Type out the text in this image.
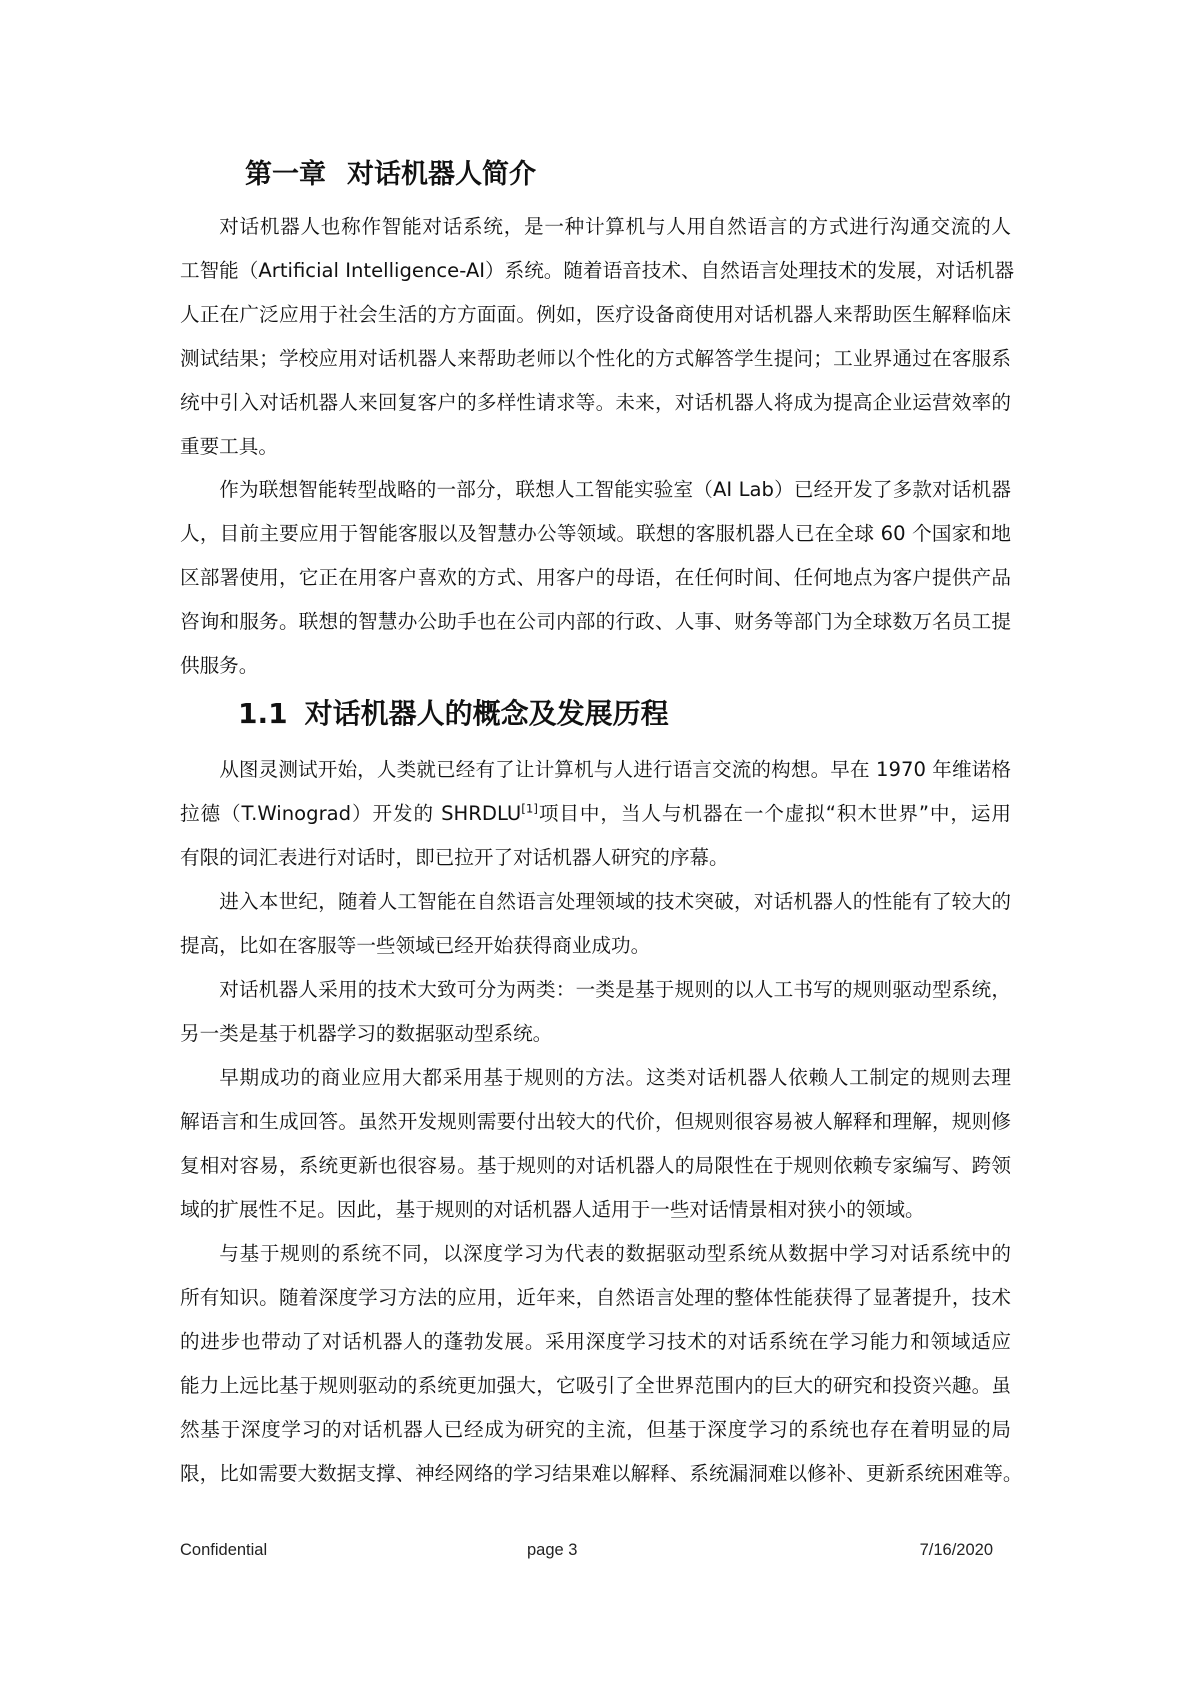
第一章 对话机器人简介

对话机器人也称作智能对话系统，是一种计算机与人用自然语言的方式进行沟通交流的人
工智能（Artificial Intelligence-AI）系统。随着语音技术、自然语言处理技术的发展，对话机器
人正在广泛应用于社会生活的方方面面。例如，医疗设备商使用对话机器人来帮助医生解释临床
测试结果；学校应用对话机器人来帮助老师以个性化的方式解答学生提问；工业界通过在客服系
统中引入对话机器人来回复客户的多样性请求等。未来，对话机器人将成为提高企业运营效率的
重要工具。

作为联想智能转型战略的一部分，联想人工智能实验室（AI Lab）已经开发了多款对话机器
人，目前主要应用于智能客服以及智慧办公等领域。联想的客服机器人已在全球 60 个国家和地
区部署使用，它正在用客户喜欢的方式、用客户的母语，在任何时间、任何地点为客户提供产品
咨询和服务。联想的智慧办公助手也在公司内部的行政、人事、财务等部门为全球数万名员工提
供服务。

1.1 对话机器人的概念及发展历程

从图灵测试开始，人类就已经有了让计算机与人进行语言交流的构想。早在 1970 年维诺格
拉德（T.Winograd）开发的 SHRDLU[1]项目中，当人与机器在一个虚拟“积木世界”中，运用
有限的词汇表进行对话时，即已拉开了对话机器人研究的序幕。

进入本世纪，随着人工智能在自然语言处理领域的技术突破，对话机器人的性能有了较大的
提高，比如在客服等一些领域已经开始获得商业成功。

对话机器人采用的技术大致可分为两类：一类是基于规则的以人工书写的规则驱动型系统，
另一类是基于机器学习的数据驱动型系统。

早期成功的商业应用大都采用基于规则的方法。这类对话机器人依赖人工制定的规则去理
解语言和生成回答。虽然开发规则需要付出较大的代价，但规则很容易被人解释和理解，规则修
复相对容易，系统更新也很容易。基于规则的对话机器人的局限性在于规则依赖专家编写、跨领
域的扩展性不足。因此，基于规则的对话机器人适用于一些对话情景相对狭小的领域。

与基于规则的系统不同，以深度学习为代表的数据驱动型系统从数据中学习对话系统中的
所有知识。随着深度学习方法的应用，近年来，自然语言处理的整体性能获得了显著提升，技术
的进步也带动了对话机器人的蓬勃发展。采用深度学习技术的对话系统在学习能力和领域适应
能力上远比基于规则驱动的系统更加强大，它吸引了全世界范围内的巨大的研究和投资兴趣。虽
然基于深度学习的对话机器人已经成为研究的主流，但基于深度学习的系统也存在着明显的局
限，比如需要大数据支撑、神经网络的学习结果难以解释、系统漏洞难以修补、更新系统困难等。

Confidential	page 3	7/16/2020
